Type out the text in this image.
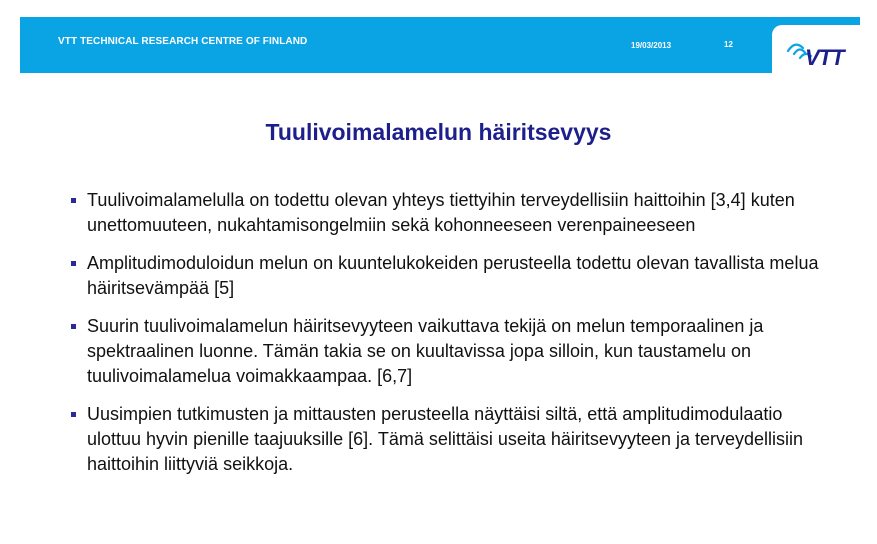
VTT TECHNICAL RESEARCH CENTRE OF FINLAND	19/03/2013	12
VTT
Tuulivoimalamelun häiritsevyys
Tuulivoimalamelulla on todettu olevan yhteys tiettyihin terveydellisiin haittoihin [3,4] kuten unettomuuteen, nukahtamisongelmiin sekä kohonneeseen verenpaineeseen
Amplitudimoduloidun melun on kuuntelukokeiden perusteella todettu olevan tavallista melua häiritsevämpää [5]
Suurin tuulivoimalamelun häiritsevyyteen vaikuttava tekijä on melun temporaalinen ja spektraalinen luonne. Tämän takia se on kuultavissa jopa silloin, kun taustamelu on tuulivoimalamelua voimakkaampaa. [6,7]
Uusimpien tutkimusten ja mittausten perusteella näyttäisi siltä, että amplitudimodulaatio ulottuu hyvin pienille taajuuksille [6]. Tämä selittäisi useita häiritsevyyteen ja terveydellisiin haittoihin liittyviä seikkoja.
